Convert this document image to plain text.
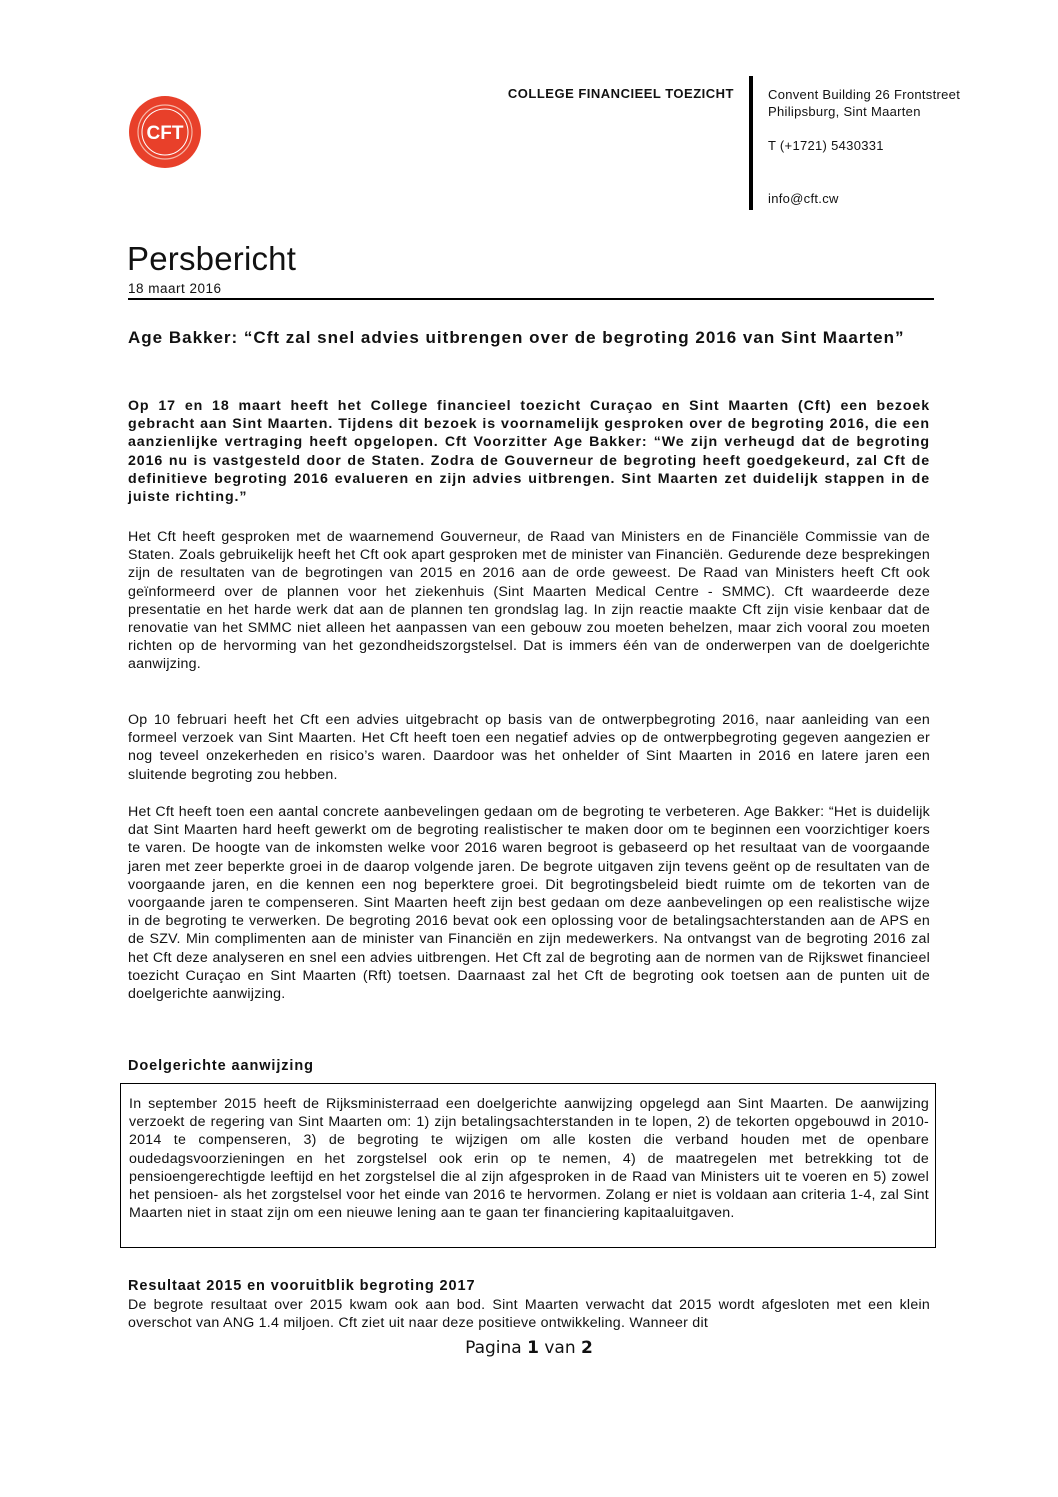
CFT
COLLEGE FINANCIEEL TOEZICHT	Convent Building 26 Frontstreet
Philipsburg, Sint Maarten
T (+1721) 5430331
info@cft.cw
Persbericht
18 maart 2016
Age Bakker: “Cft zal snel advies uitbrengen over de begroting 2016 van Sint Maarten”
Op 17 en 18 maart heeft het College financieel toezicht Curaçao en Sint Maarten (Cft) een bezoek gebracht aan Sint Maarten. Tijdens dit bezoek is voornamelijk gesproken over de begroting 2016, die een aanzienlijke vertraging heeft opgelopen. Cft Voorzitter Age Bakker: “We zijn verheugd dat de begroting 2016 nu is vastgesteld door de Staten. Zodra de Gouverneur de begroting heeft goedgekeurd, zal Cft de definitieve begroting 2016 evalueren en zijn advies uitbrengen. Sint Maarten zet duidelijk stappen in de juiste richting.”
Het Cft heeft gesproken met de waarnemend Gouverneur, de Raad van Ministers en de Financiële Commissie van de Staten. Zoals gebruikelijk heeft het Cft ook apart gesproken met de minister van Financiën. Gedurende deze besprekingen zijn de resultaten van de begrotingen van 2015 en 2016 aan de orde geweest. De Raad van Ministers heeft Cft ook geïnformeerd over de plannen voor het ziekenhuis (Sint Maarten Medical Centre - SMMC). Cft waardeerde deze presentatie en het harde werk dat aan de plannen ten grondslag lag. In zijn reactie maakte Cft zijn visie kenbaar dat de renovatie van het SMMC niet alleen het aanpassen van een gebouw zou moeten behelzen, maar zich vooral zou moeten richten op de hervorming van het gezondheidszorgstelsel. Dat is immers één van de onderwerpen van de doelgerichte aanwijzing.
Op 10 februari heeft het Cft een advies uitgebracht op basis van de ontwerpbegroting 2016, naar aanleiding van een formeel verzoek van Sint Maarten. Het Cft heeft toen een negatief advies op de ontwerpbegroting gegeven aangezien er nog teveel onzekerheden en risico’s waren. Daardoor was het onhelder of Sint Maarten in 2016 en latere jaren een sluitende begroting zou hebben.
Het Cft heeft toen een aantal concrete aanbevelingen gedaan om de begroting te verbeteren. Age Bakker: “Het is duidelijk dat Sint Maarten hard heeft gewerkt om de begroting realistischer te maken door om te beginnen een voorzichtiger koers te varen. De hoogte van de inkomsten welke voor 2016 waren begroot is gebaseerd op het resultaat van de voorgaande jaren met zeer beperkte groei in de daarop volgende jaren. De begrote uitgaven zijn tevens geënt op de resultaten van de voorgaande jaren, en die kennen een nog beperktere groei. Dit begrotingsbeleid biedt ruimte om de tekorten van de voorgaande jaren te compenseren. Sint Maarten heeft zijn best gedaan om deze aanbevelingen op een realistische wijze in de begroting te verwerken. De begroting 2016 bevat ook een oplossing voor de betalingsachterstanden aan de APS en de SZV. Min complimenten aan de minister van Financiën en zijn medewerkers. Na ontvangst van de begroting 2016 zal het Cft deze analyseren en snel een advies uitbrengen. Het Cft zal de begroting aan de normen van de Rijkswet financieel toezicht Curaçao en Sint Maarten (Rft) toetsen. Daarnaast zal het Cft de begroting ook toetsen aan de punten uit de doelgerichte aanwijzing.
Doelgerichte aanwijzing
In september 2015 heeft de Rijksministerraad een doelgerichte aanwijzing opgelegd aan Sint Maarten. De aanwijzing verzoekt de regering van Sint Maarten om: 1) zijn betalingsachterstanden in te lopen, 2) de tekorten opgebouwd in 2010-2014 te compenseren, 3) de begroting te wijzigen om alle kosten die verband houden met de openbare oudedagsvoorzieningen en het zorgstelsel ook erin op te nemen, 4) de maatregelen met betrekking tot de pensioengerechtigde leeftijd en het zorgstelsel die al zijn afgesproken in de Raad van Ministers uit te voeren en 5) zowel het pensioen- als het zorgstelsel voor het einde van 2016 te hervormen. Zolang er niet is voldaan aan criteria 1-4, zal Sint Maarten niet in staat zijn om een nieuwe lening aan te gaan ter financiering kapitaaluitgaven.
Resultaat 2015 en vooruitblik begroting 2017
De begrote resultaat over 2015 kwam ook aan bod. Sint Maarten verwacht dat 2015 wordt afgesloten met een klein overschot van ANG 1.4 miljoen. Cft ziet uit naar deze positieve ontwikkeling. Wanneer dit
Pagina 1 van 2
